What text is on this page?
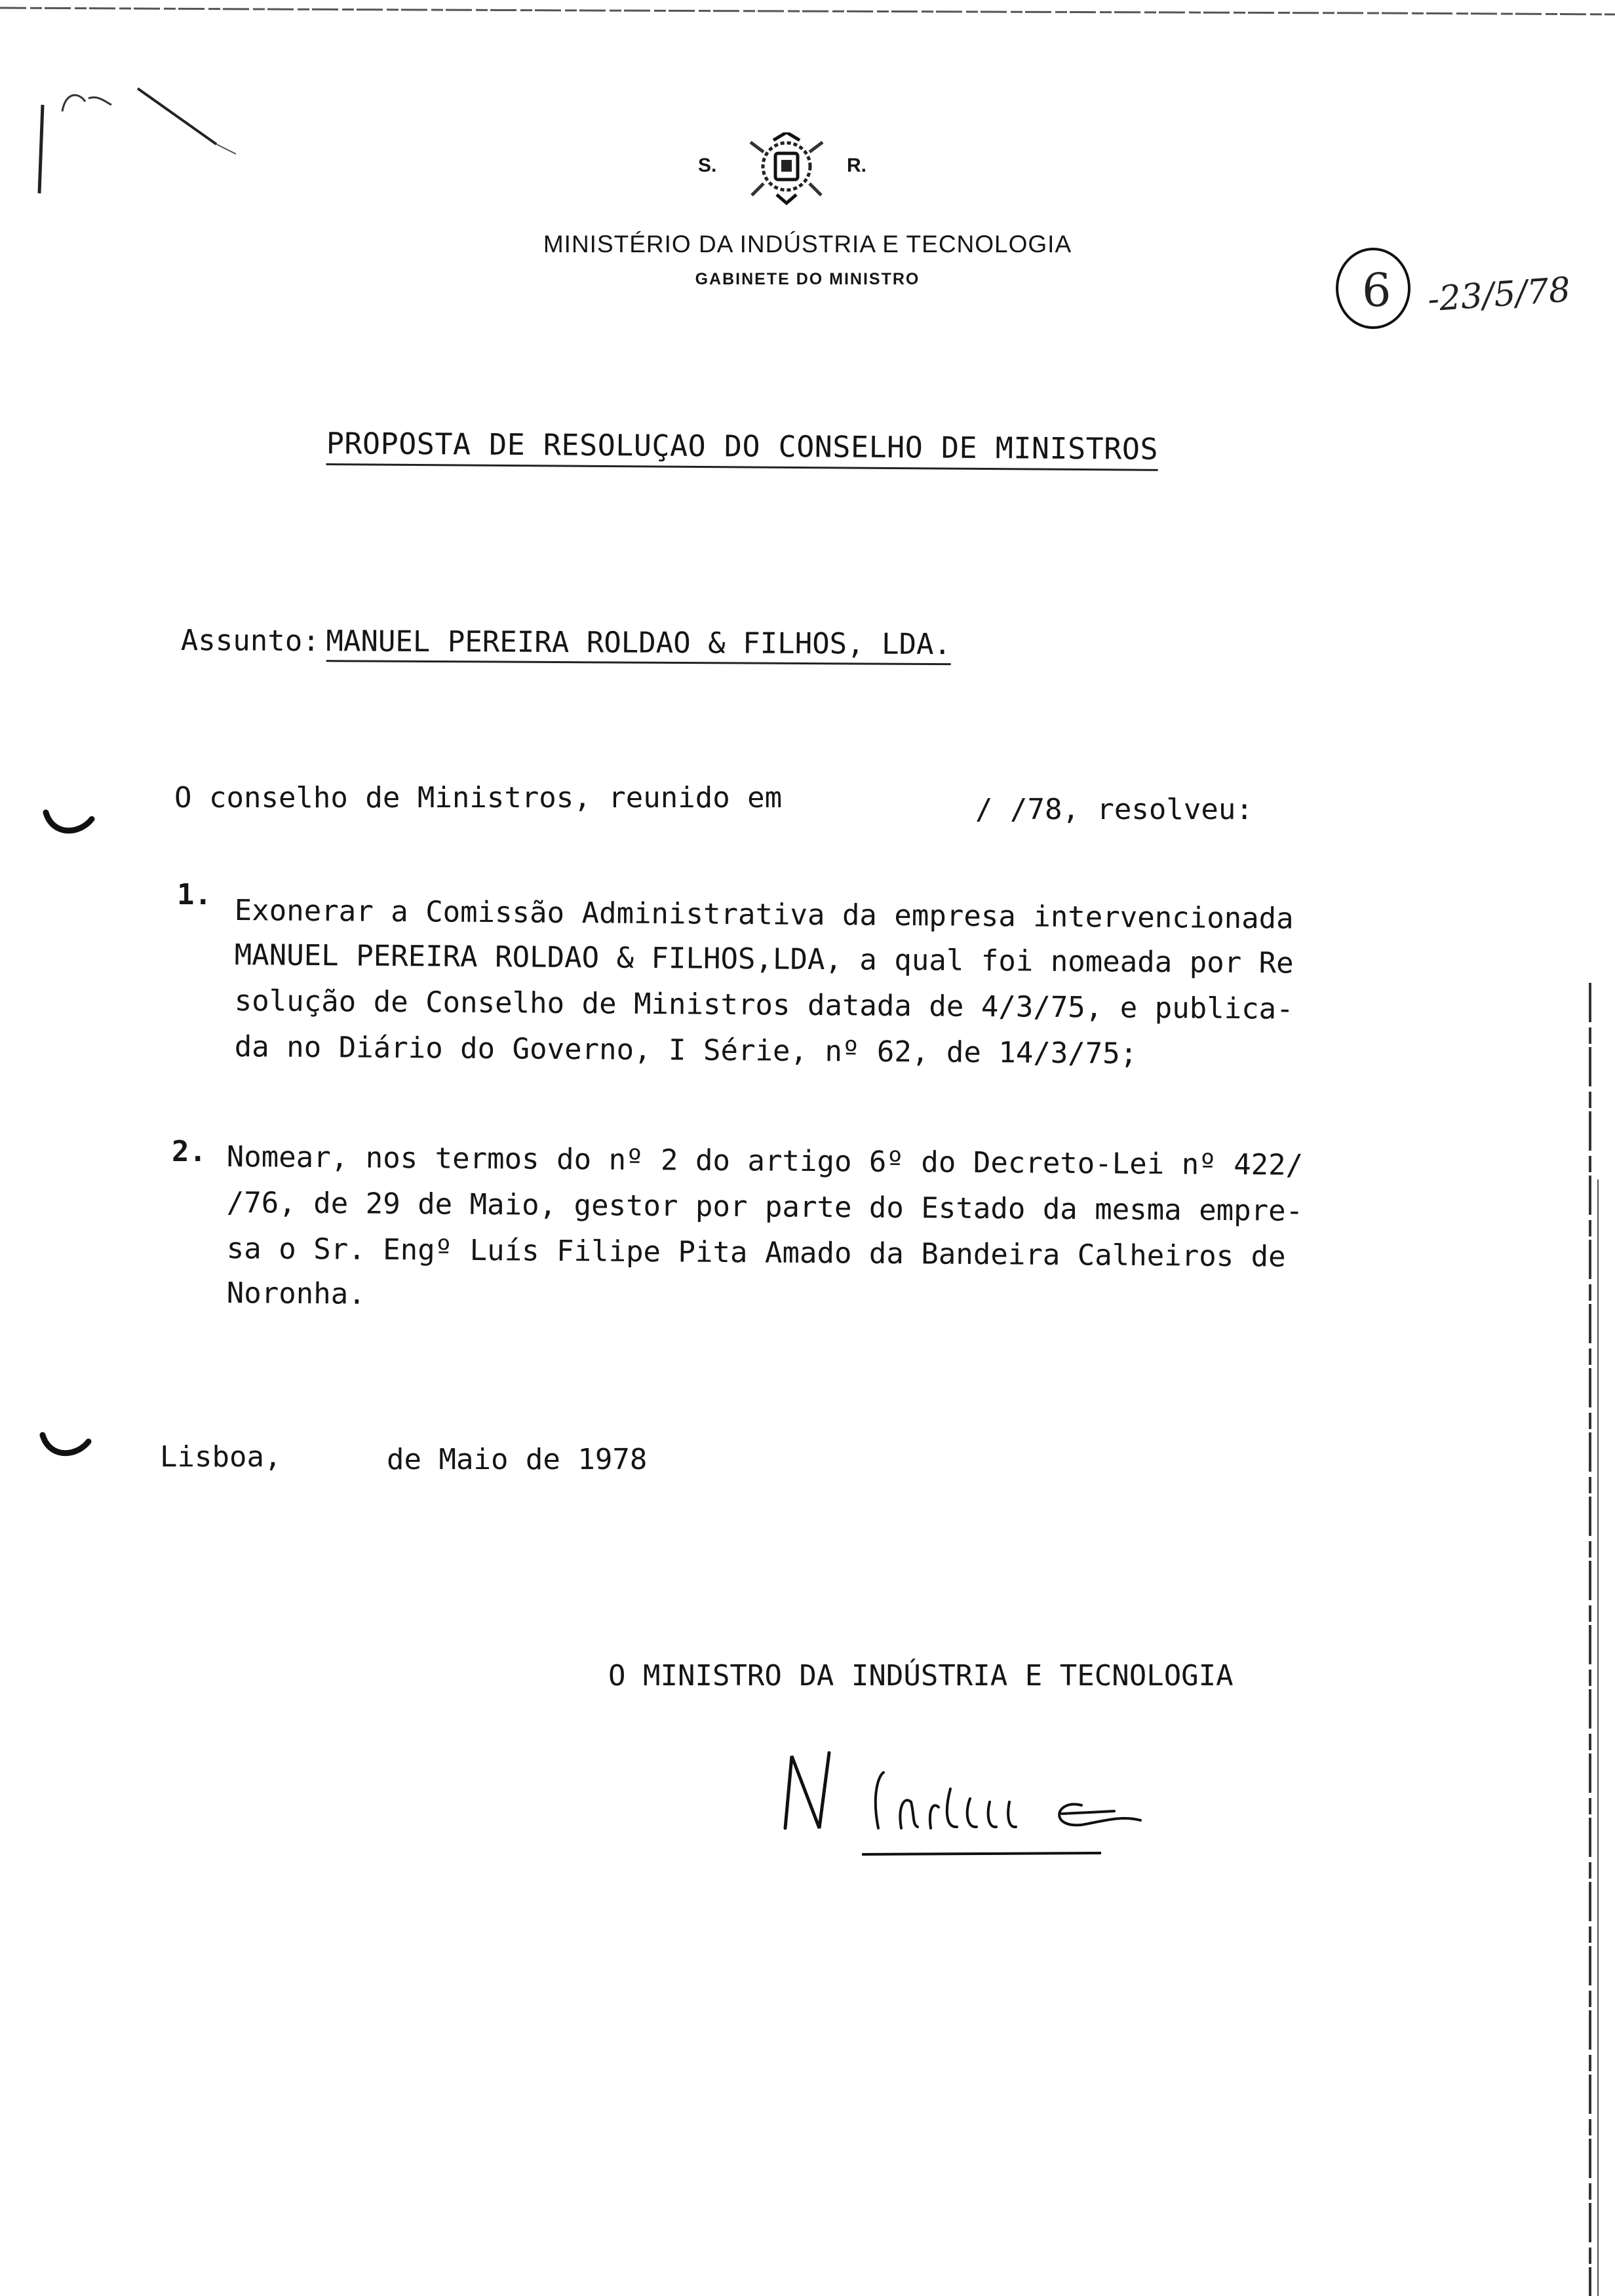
S.	R.
MINISTÉRIO DA INDÚSTRIA E TECNOLOGIA
GABINETE DO MINISTRO	6 -23/5/78
PROPOSTA DE RESOLUÇAO DO CONSELHO DE MINISTROS
Assunto: MANUEL PEREIRA ROLDAO & FILHOS, LDA.
O conselho de Ministros, reunido em	/ /78, resolveu:
1. Exonerar a Comissão Administrativa da empresa intervencionada
MANUEL PEREIRA ROLDAO & FILHOS,LDA, a qual foi nomeada por Re
solução de Conselho de Ministros datada de 4/3/75, e publica-
da no Diário do Governo, I Série, nº 62, de 14/3/75;
2. Nomear, nos termos do nº 2 do artigo 6º do Decreto-Lei nº 422/
/76, de 29 de Maio, gestor por parte do Estado da mesma empre-
sa o Sr. Engº Luís Filipe Pita Amado da Bandeira Calheiros de
Noronha.
Lisboa,	de Maio de 1978
O MINISTRO DA INDÚSTRIA E TECNOLOGIA
